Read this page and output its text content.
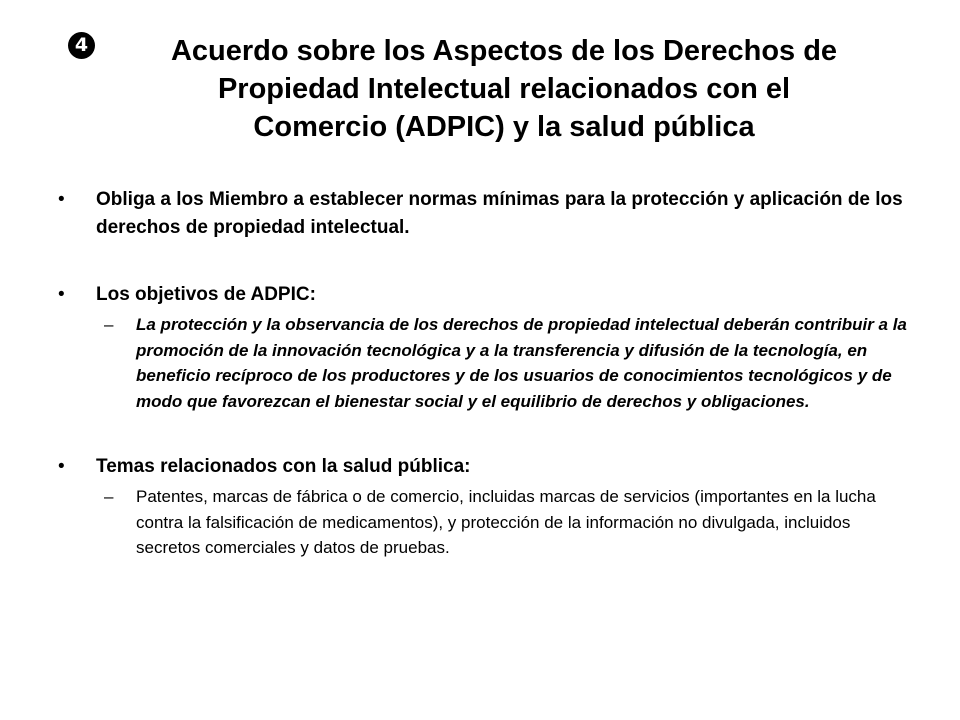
4	Acuerdo sobre los Aspectos de los Derechos de
Propiedad Intelectual relacionados con el
Comercio (ADPIC) y la salud pública
• Obliga a los Miembro a establecer normas mínimas para la protección y aplicación de los derechos de propiedad intelectual.
• Los objetivos de ADPIC:
– La protección y la observancia de los derechos de propiedad intelectual deberán contribuir a la promoción de la innovación tecnológica y a la transferencia y difusión de la tecnología, en beneficio recíproco de los productores y de los usuarios de conocimientos tecnológicos y de modo que favorezcan el bienestar social y el equilibrio de derechos y obligaciones.
• Temas relacionados con la salud pública:
– Patentes, marcas de fábrica o de comercio, incluidas marcas de servicios (importantes en la lucha contra la falsificación de medicamentos), y protección de la información no divulgada, incluidos secretos comerciales y datos de pruebas.
